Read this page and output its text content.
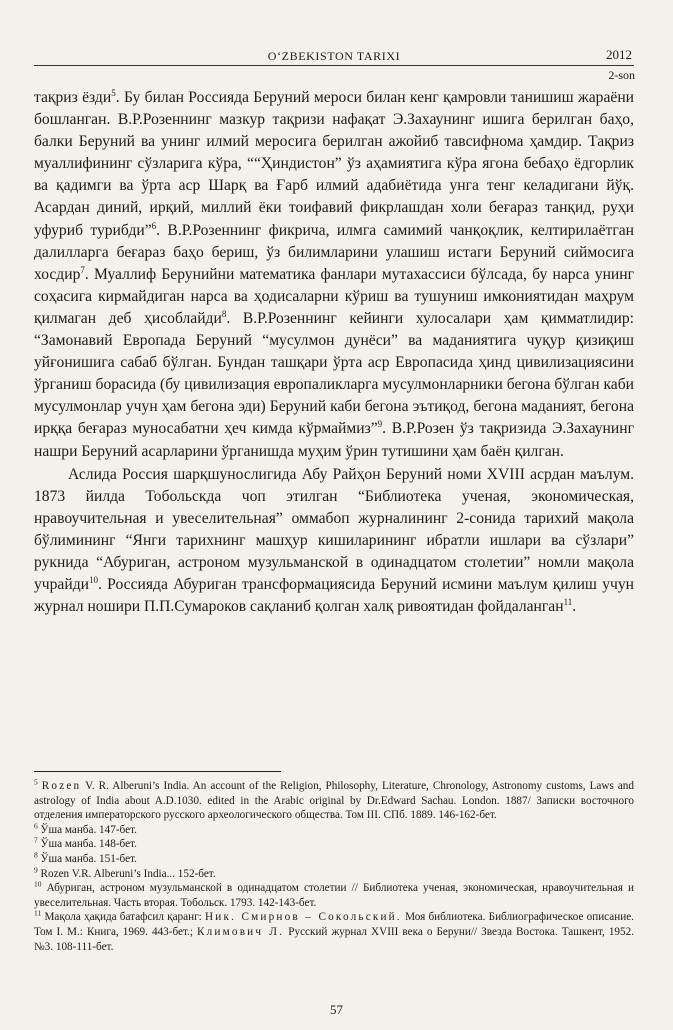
O‘ZBEKISTON TARIXI	2012
2-son

тақриз ёзди$^5$. Бу билан Россияда Беруний мероси билан кенг қамровли танишиш жараёни бошланган. В.Р.Розеннинг мазкур тақризи нафақат Э.Захаунинг ишига берилган баҳо, балки Беруний ва унинг илмий меросига берилган ажойиб тавсифнома ҳамдир. Тақриз муаллифининг сўзларига кўра, ““Ҳиндистон” ўз аҳамиятига кўра ягона бебаҳо ёдгорлик ва қадимги ва ўрта аср Шарқ ва Ғарб илмий адабиётида унга тенг келадигани йўқ. Асардан диний, ирқий, миллий ёки тоифавий фикрлашдан холи беғараз танқид, руҳи уфуриб турибди”$^6$. В.Р.Розеннинг фикрича, илмга самимий чанқоқлик, келтирилаётган далилларга беғараз баҳо бериш, ўз билимларини улашиш истаги Беруний сиймосига хосдир$^7$. Муаллиф Берунийни математика фанлари мутахассиси бўлсада, бу нарса унинг соҳасига кирмайдиган нарса ва ҳодисаларни кўриш ва тушуниш имкониятидан маҳрум қилмаган деб ҳисоблайди$^8$. В.Р.Розеннинг кейинги хулосалари ҳам қимматлидир: “Замонавий Европада Беруний “мусулмон дунёси” ва маданиятига чуқур қизиқиш уйғонишига сабаб бўлган. Бундан ташқари ўрта аср Европасида ҳинд цивилизациясини ўрганиш борасида (бу цивилизация европаликларга мусулмонларники бегона бўлган каби мусулмонлар учун ҳам бегона эди) Беруний каби бегона эътиқод, бегона маданият, бегона ирққа беғараз муносабатни ҳеч кимда кўрмаймиз”$^9$. В.Р.Розен ўз тақризида Э.Захаунинг нашри Беруний асарларини ўрганишда муҳим ўрин тутишини ҳам баён қилган.

Аслида Россия шарқшунослигида Абу Райҳон Беруний номи XVIII асрдан маълум. 1873 йилда Тобольскда чоп этилган “Библиотека ученая, экономическая, нравоучительная и увеселительная” оммабоп журналининг 2-сонида тарихий мақола бўлимининг “Янги тарихнинг машҳур кишиларининг ибратли ишлари ва сўзлари” рукнида “Абуриган, астроном музульманской в одинадцатом столетии” номли мақола учрайди$^{10}$. Россияда Абуриган трансформациясида Беруний исмини маълум қилиш учун журнал ношири П.П.Сумароков сақланиб қолган халқ ривоятидан фойдаланган$^{11}$.

$^5$ Rozen V. R. Alberuni’s India. An account of the Religion, Philosophy, Literature, Chronology, Astronomy customs, Laws and astrology of India about A.D.1030. edited in the Arabic original by Dr.Edward Sachau. London. 1887/ Записки восточного отделения императорского русского археологического общества. Том III. СПб. 1889. 146-162-бет.

$^6$ Ўша манба. 147-бет.

$^7$ Ўша манба. 148-бет.

$^8$ Ўша манба. 151-бет.

$^9$ Rozen V.R. Alberuni’s India... 152-бет.

$^{10}$ Абуриган, астроном музульманской в одинадцатом столетии // Библиотека ученая, экономическая, нравоучительная и увеселительная. Часть вторая. Тобольск. 1793. 142-143-бет.

$^{11}$ Мақола ҳақида батафсил қаранг: Ник. Смирнов – Сокольский. Моя библиотека. Библиографическое описание. Том I. М.: Книга, 1969. 443-бет.; Климович Л. Русский журнал XVIII века о Беруни// Звезда Востока. Ташкент, 1952. №3. 108-111-бет.

57
